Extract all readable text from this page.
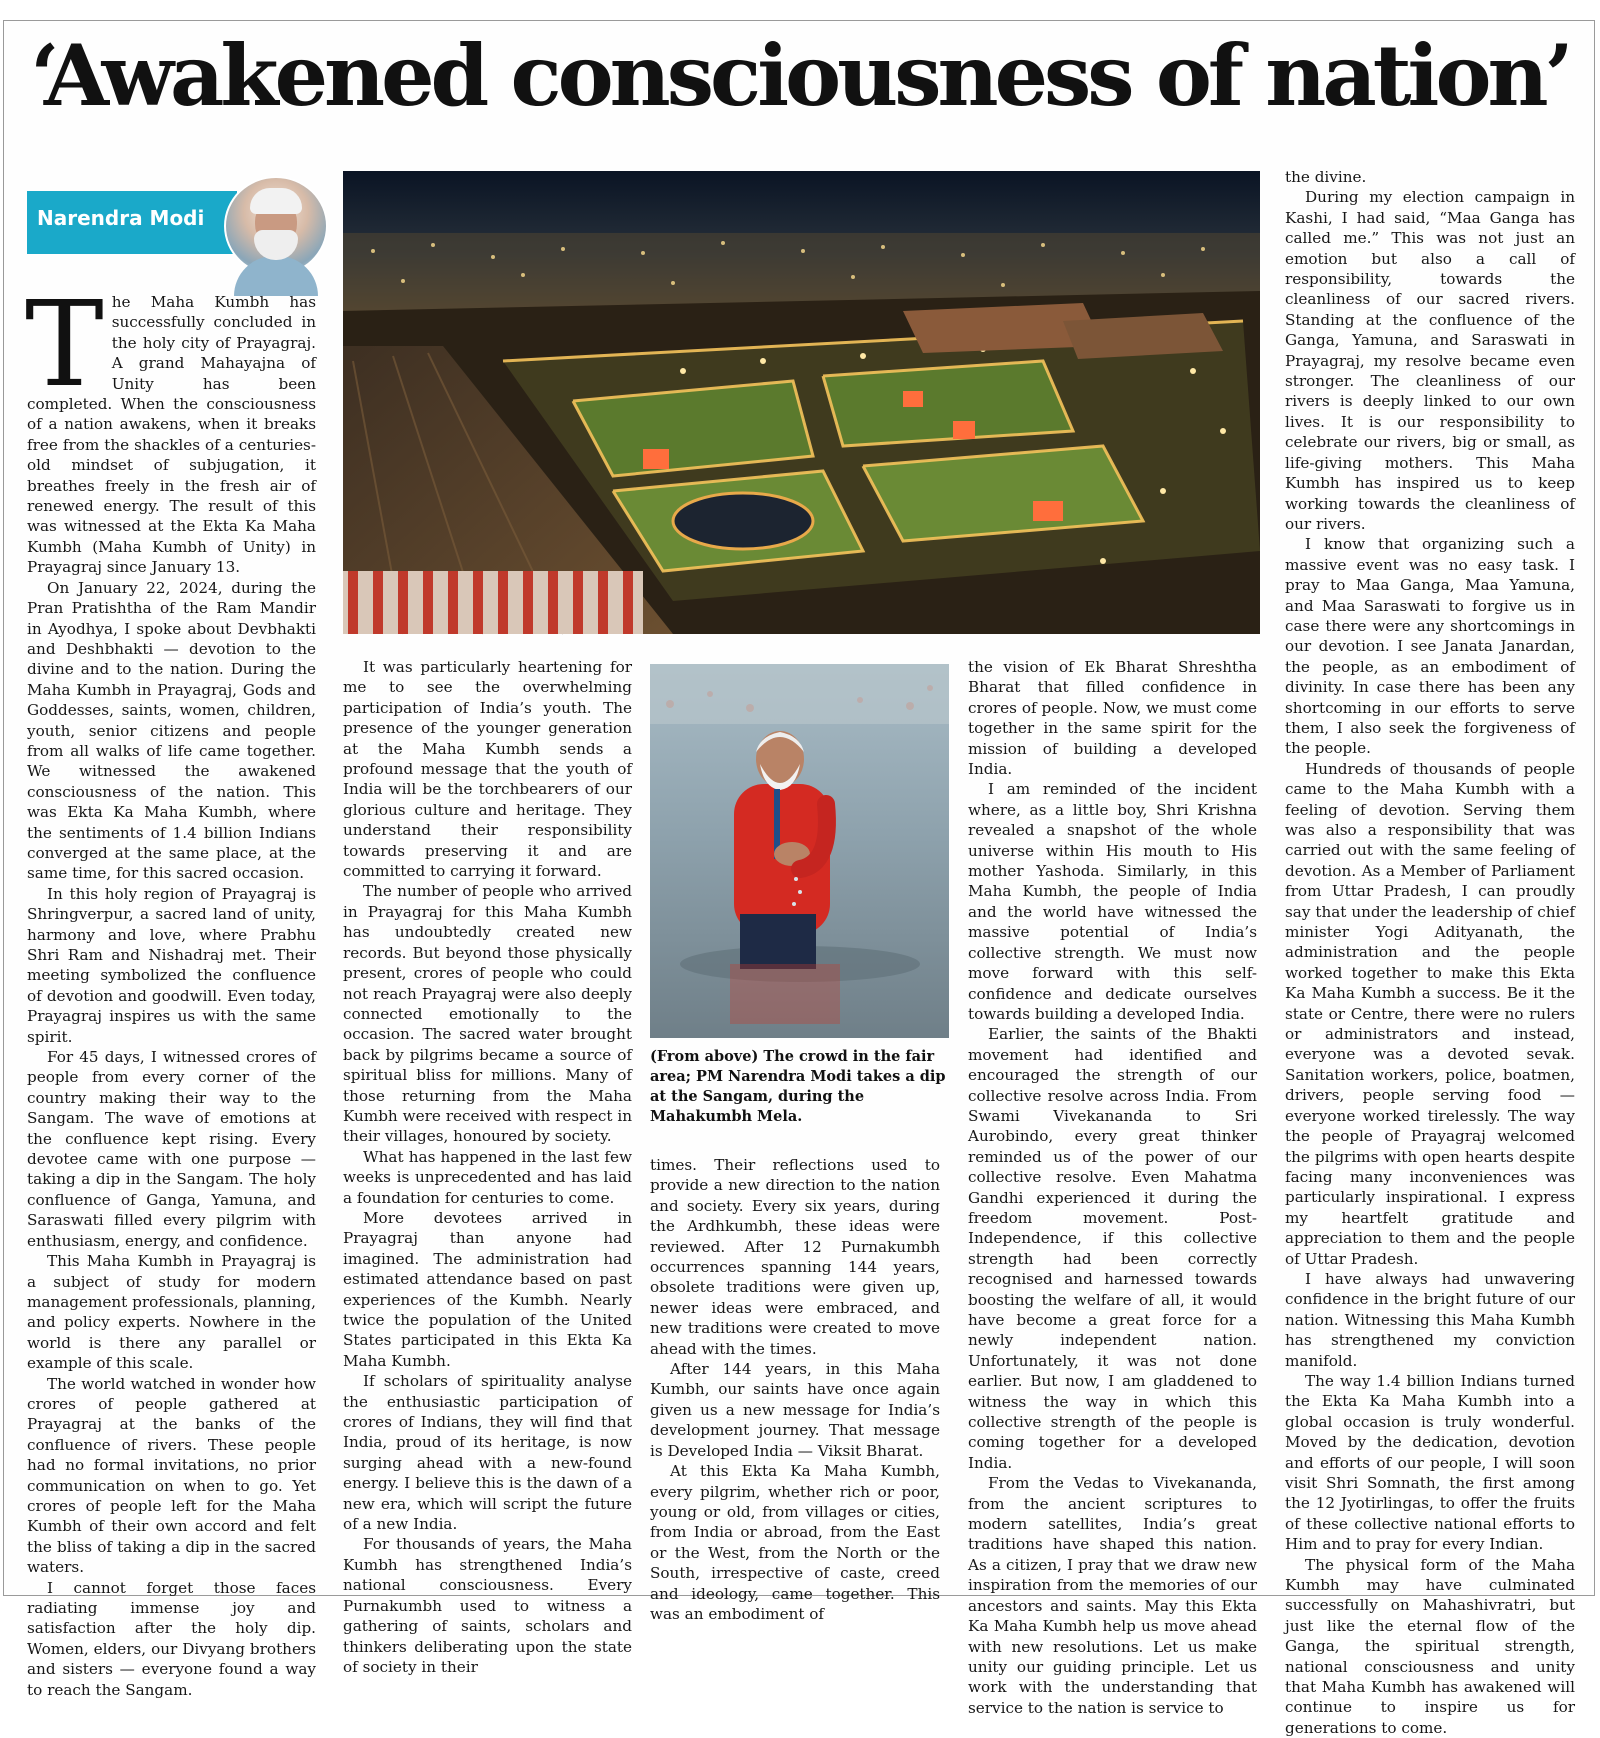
‘Awakened consciousness of nation’
Narendra Modi

(From above) The crowd in the fair area; PM Narendra Modi takes a dip at the Sangam, during the Mahakumbh Mela.

T he Maha Kumbh has successfully concluded in the holy city of Prayagraj. A grand Mahayajna of Unity has been completed. When the consciousness of a nation awakens, when it breaks free from the shackles of a centuries-old mindset of subjugation, it breathes freely in the fresh air of renewed energy. The result of this was witnessed at the Ekta Ka Maha Kumbh (Maha Kumbh of Unity) in Prayagraj since January 13.

On January 22, 2024, during the Pran Pratishtha of the Ram Mandir in Ayodhya, I spoke about Devbhakti and Deshbhakti — devotion to the divine and to the nation. During the Maha Kumbh in Prayagraj, Gods and Goddesses, saints, women, children, youth, senior citizens and people from all walks of life came together. We witnessed the awakened consciousness of the nation. This was Ekta Ka Maha Kumbh, where the sentiments of 1.4 billion Indians converged at the same place, at the same time, for this sacred occasion.

In this holy region of Prayagraj is Shringverpur, a sacred land of unity, harmony and love, where Prabhu Shri Ram and Nishadraj met. Their meeting symbolized the confluence of devotion and goodwill. Even today, Prayagraj inspires us with the same spirit.

For 45 days, I witnessed crores of people from every corner of the country making their way to the Sangam. The wave of emotions at the confluence kept rising. Every devotee came with one purpose — taking a dip in the Sangam. The holy confluence of Ganga, Yamuna, and Saraswati filled every pilgrim with enthusiasm, energy, and confidence.

This Maha Kumbh in Prayagraj is a subject of study for modern management professionals, planning, and policy experts. Nowhere in the world is there any parallel or example of this scale.

The world watched in wonder how crores of people gathered at Prayagraj at the banks of the confluence of rivers. These people had no formal invitations, no prior communication on when to go. Yet crores of people left for the Maha Kumbh of their own accord and felt the bliss of taking a dip in the sacred waters.

I cannot forget those faces radiating immense joy and satisfaction after the holy dip. Women, elders, our Divyang brothers and sisters — everyone found a way to reach the Sangam.

It was particularly heartening for me to see the overwhelming participation of India’s youth. The presence of the younger generation at the Maha Kumbh sends a profound message that the youth of India will be the torchbearers of our glorious culture and heritage. They understand their responsibility towards preserving it and are committed to carrying it forward.

The number of people who arrived in Prayagraj for this Maha Kumbh has undoubtedly created new records. But beyond those physically present, crores of people who could not reach Prayagraj were also deeply connected emotionally to the occasion. The sacred water brought back by pilgrims became a source of spiritual bliss for millions. Many of those returning from the Maha Kumbh were received with respect in their villages, honoured by society.

What has happened in the last few weeks is unprecedented and has laid a foundation for centuries to come.

More devotees arrived in Prayagraj than anyone had imagined. The administration had estimated attendance based on past experiences of the Kumbh. Nearly twice the population of the United States participated in this Ekta Ka Maha Kumbh.

If scholars of spirituality analyse the enthusiastic participation of crores of Indians, they will find that India, proud of its heritage, is now surging ahead with a new-found energy. I believe this is the dawn of a new era, which will script the future of a new India.

For thousands of years, the Maha Kumbh has strengthened India’s national consciousness. Every Purnakumbh used to witness a gathering of saints, scholars and thinkers deliberating upon the state of society in their

times. Their reflections used to provide a new direction to the nation and society. Every six years, during the Ardhkumbh, these ideas were reviewed. After 12 Purnakumbh occurrences spanning 144 years, obsolete traditions were given up, newer ideas were embraced, and new traditions were created to move ahead with the times.

After 144 years, in this Maha Kumbh, our saints have once again given us a new message for India’s development journey. That message is Developed India — Viksit Bharat.

At this Ekta Ka Maha Kumbh, every pilgrim, whether rich or poor, young or old, from villages or cities, from India or abroad, from the East or the West, from the North or the South, irrespective of caste, creed and ideology, came together. This was an embodiment of

the vision of Ek Bharat Shreshtha Bharat that filled confidence in crores of people. Now, we must come together in the same spirit for the mission of building a developed India.

I am reminded of the incident where, as a little boy, Shri Krishna revealed a snapshot of the whole universe within His mouth to His mother Yashoda. Similarly, in this Maha Kumbh, the people of India and the world have witnessed the massive potential of India’s collective strength. We must now move forward with this self-confidence and dedicate ourselves towards building a developed India.

Earlier, the saints of the Bhakti movement had identified and encouraged the strength of our collective resolve across India. From Swami Vivekananda to Sri Aurobindo, every great thinker reminded us of the power of our collective resolve. Even Mahatma Gandhi experienced it during the freedom movement. Post-Independence, if this collective strength had been correctly recognised and harnessed towards boosting the welfare of all, it would have become a great force for a newly independent nation. Unfortunately, it was not done earlier. But now, I am gladdened to witness the way in which this collective strength of the people is coming together for a developed India.

From the Vedas to Vivekananda, from the ancient scriptures to modern satellites, India’s great traditions have shaped this nation. As a citizen, I pray that we draw new inspiration from the memories of our ancestors and saints. May this Ekta Ka Maha Kumbh help us move ahead with new resolutions. Let us make unity our guiding principle. Let us work with the understanding that service to the nation is service to

the divine.

During my election campaign in Kashi, I had said, “Maa Ganga has called me.” This was not just an emotion but also a call of responsibility, towards the cleanliness of our sacred rivers. Standing at the confluence of the Ganga, Yamuna, and Saraswati in Prayagraj, my resolve became even stronger. The cleanliness of our rivers is deeply linked to our own lives. It is our responsibility to celebrate our rivers, big or small, as life-giving mothers. This Maha Kumbh has inspired us to keep working towards the cleanliness of our rivers.

I know that organizing such a massive event was no easy task. I pray to Maa Ganga, Maa Yamuna, and Maa Saraswati to forgive us in case there were any shortcomings in our devotion. I see Janata Janardan, the people, as an embodiment of divinity. In case there has been any shortcoming in our efforts to serve them, I also seek the forgiveness of the people.

Hundreds of thousands of people came to the Maha Kumbh with a feeling of devotion. Serving them was also a responsibility that was carried out with the same feeling of devotion. As a Member of Parliament from Uttar Pradesh, I can proudly say that under the leadership of chief minister Yogi Adityanath, the administration and the people worked together to make this Ekta Ka Maha Kumbh a success. Be it the state or Centre, there were no rulers or administrators and instead, everyone was a devoted sevak. Sanitation workers, police, boatmen, drivers, people serving food — everyone worked tirelessly. The way the people of Prayagraj welcomed the pilgrims with open hearts despite facing many inconveniences was particularly inspirational. I express my heartfelt gratitude and appreciation to them and the people of Uttar Pradesh.

I have always had unwavering confidence in the bright future of our nation. Witnessing this Maha Kumbh has strengthened my conviction manifold.

The way 1.4 billion Indians turned the Ekta Ka Maha Kumbh into a global occasion is truly wonderful. Moved by the dedication, devotion and efforts of our people, I will soon visit Shri Somnath, the first among the 12 Jyotirlingas, to offer the fruits of these collective national efforts to Him and to pray for every Indian.

The physical form of the Maha Kumbh may have culminated successfully on Mahashivratri, but just like the eternal flow of the Ganga, the spiritual strength, national consciousness and unity that Maha Kumbh has awakened will continue to inspire us for generations to come.
